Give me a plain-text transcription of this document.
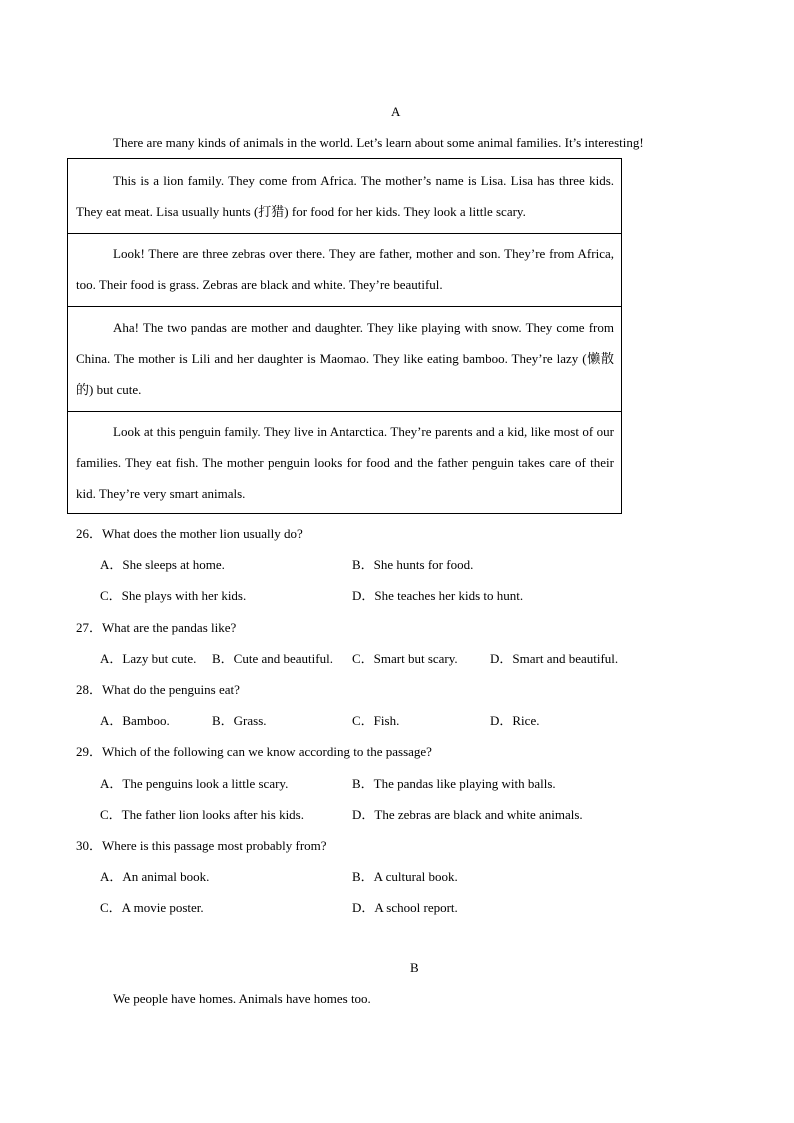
A
There are many kinds of animals in the world. Let’s learn about some animal families. It’s interesting!

This is a lion family. They come from Africa. The mother’s name is Lisa. Lisa has three kids. They eat meat. Lisa usually hunts (打猎) for food for her kids. They look a little scary.

Look! There are three zebras over there. They are father, mother and son. They’re from Africa, too. Their food is grass. Zebras are black and white. They’re beautiful.

Aha! The two pandas are mother and daughter. They like playing with snow. They come from China. The mother is Lili and her daughter is Maomao. They like eating bamboo. They’re lazy (懒散的) but cute.

Look at this penguin family. They live in Antarctica. They’re parents and a kid, like most of our families. They eat fish. The mother penguin looks for food and the father penguin takes care of their kid. They’re very smart animals.

26．What does the mother lion usually do?
A．She sleeps at home.	B．She hunts for food.
C．She plays with her kids.	D．She teaches her kids to hunt.
27．What are the pandas like?
A．Lazy but cute. B．Cute and beautiful. C．Smart but scary. D．Smart and beautiful.
28．What do the penguins eat?
A．Bamboo.	B．Grass.	C．Fish.	D．Rice.
29．Which of the following can we know according to the passage?
A．The penguins look a little scary.	B．The pandas like playing with balls.
C．The father lion looks after his kids.	D．The zebras are black and white animals.
30．Where is this passage most probably from?
A．An animal book.	B．A cultural book.
C．A movie poster.	D．A school report.
B
We people have homes. Animals have homes too.
